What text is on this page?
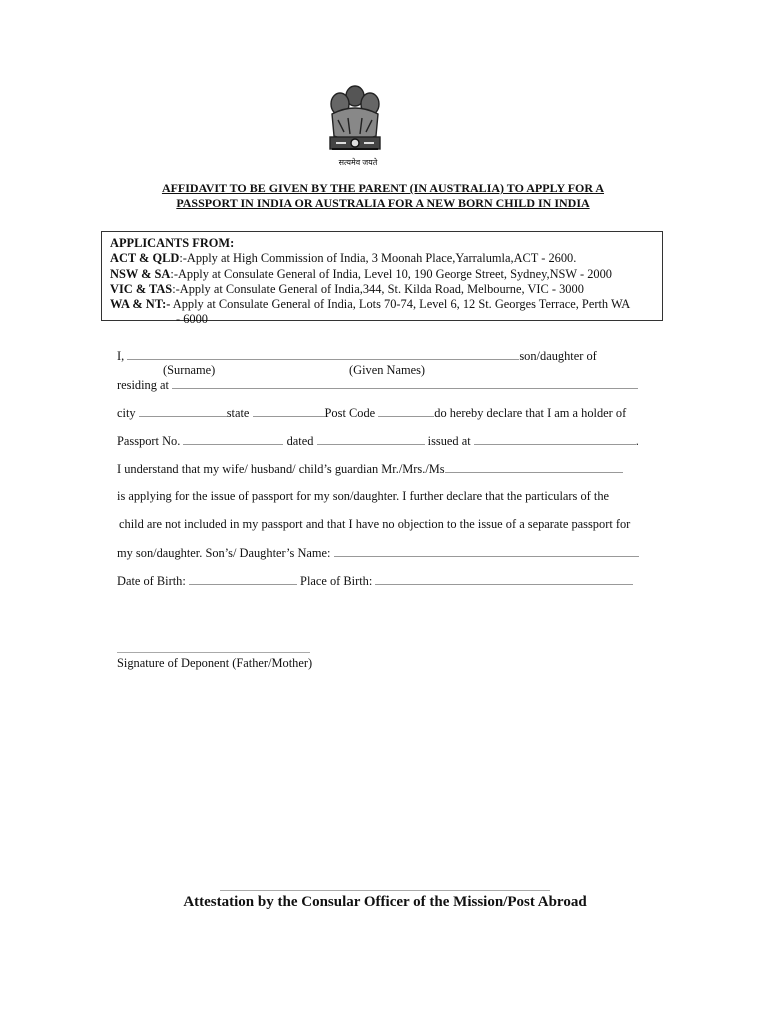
सत्यमेव जयते
AFFIDAVIT TO BE GIVEN BY THE PARENT (IN AUSTRALIA) TO APPLY FOR A
PASSPORT IN INDIA OR AUSTRALIA FOR A NEW BORN CHILD IN INDIA
APPLICANTS FROM:
ACT & QLD:-Apply at High Commission of India, 3 Moonah Place,Yarralumla,ACT - 2600.
NSW & SA:-Apply at Consulate General of India, Level 10, 190 George Street, Sydney,NSW - 2000
VIC & TAS:-Apply at Consulate General of India,344, St. Kilda Road, Melbourne, VIC - 3000
WA & NT:- Apply at Consulate General of India, Lots 70-74, Level 6, 12 St. Georges Terrace, Perth WA
- 6000
I,	son/daughter of
(Surname)	(Given Names)
residing at
city	state	Post Code	do hereby declare that I am a holder of
Passport No.	dated	issued at	.
I understand that my wife/ husband/ child’s guardian Mr./Mrs./Ms
is applying for the issue of passport for my son/daughter. I further declare that the particulars of the
child are not included in my passport and that I have no objection to the issue of a separate passport for
my son/daughter. Son’s/ Daughter’s Name:
Date of Birth:	Place of Birth:
Signature of Deponent (Father/Mother)
Attestation by the Consular Officer of the Mission/Post Abroad
